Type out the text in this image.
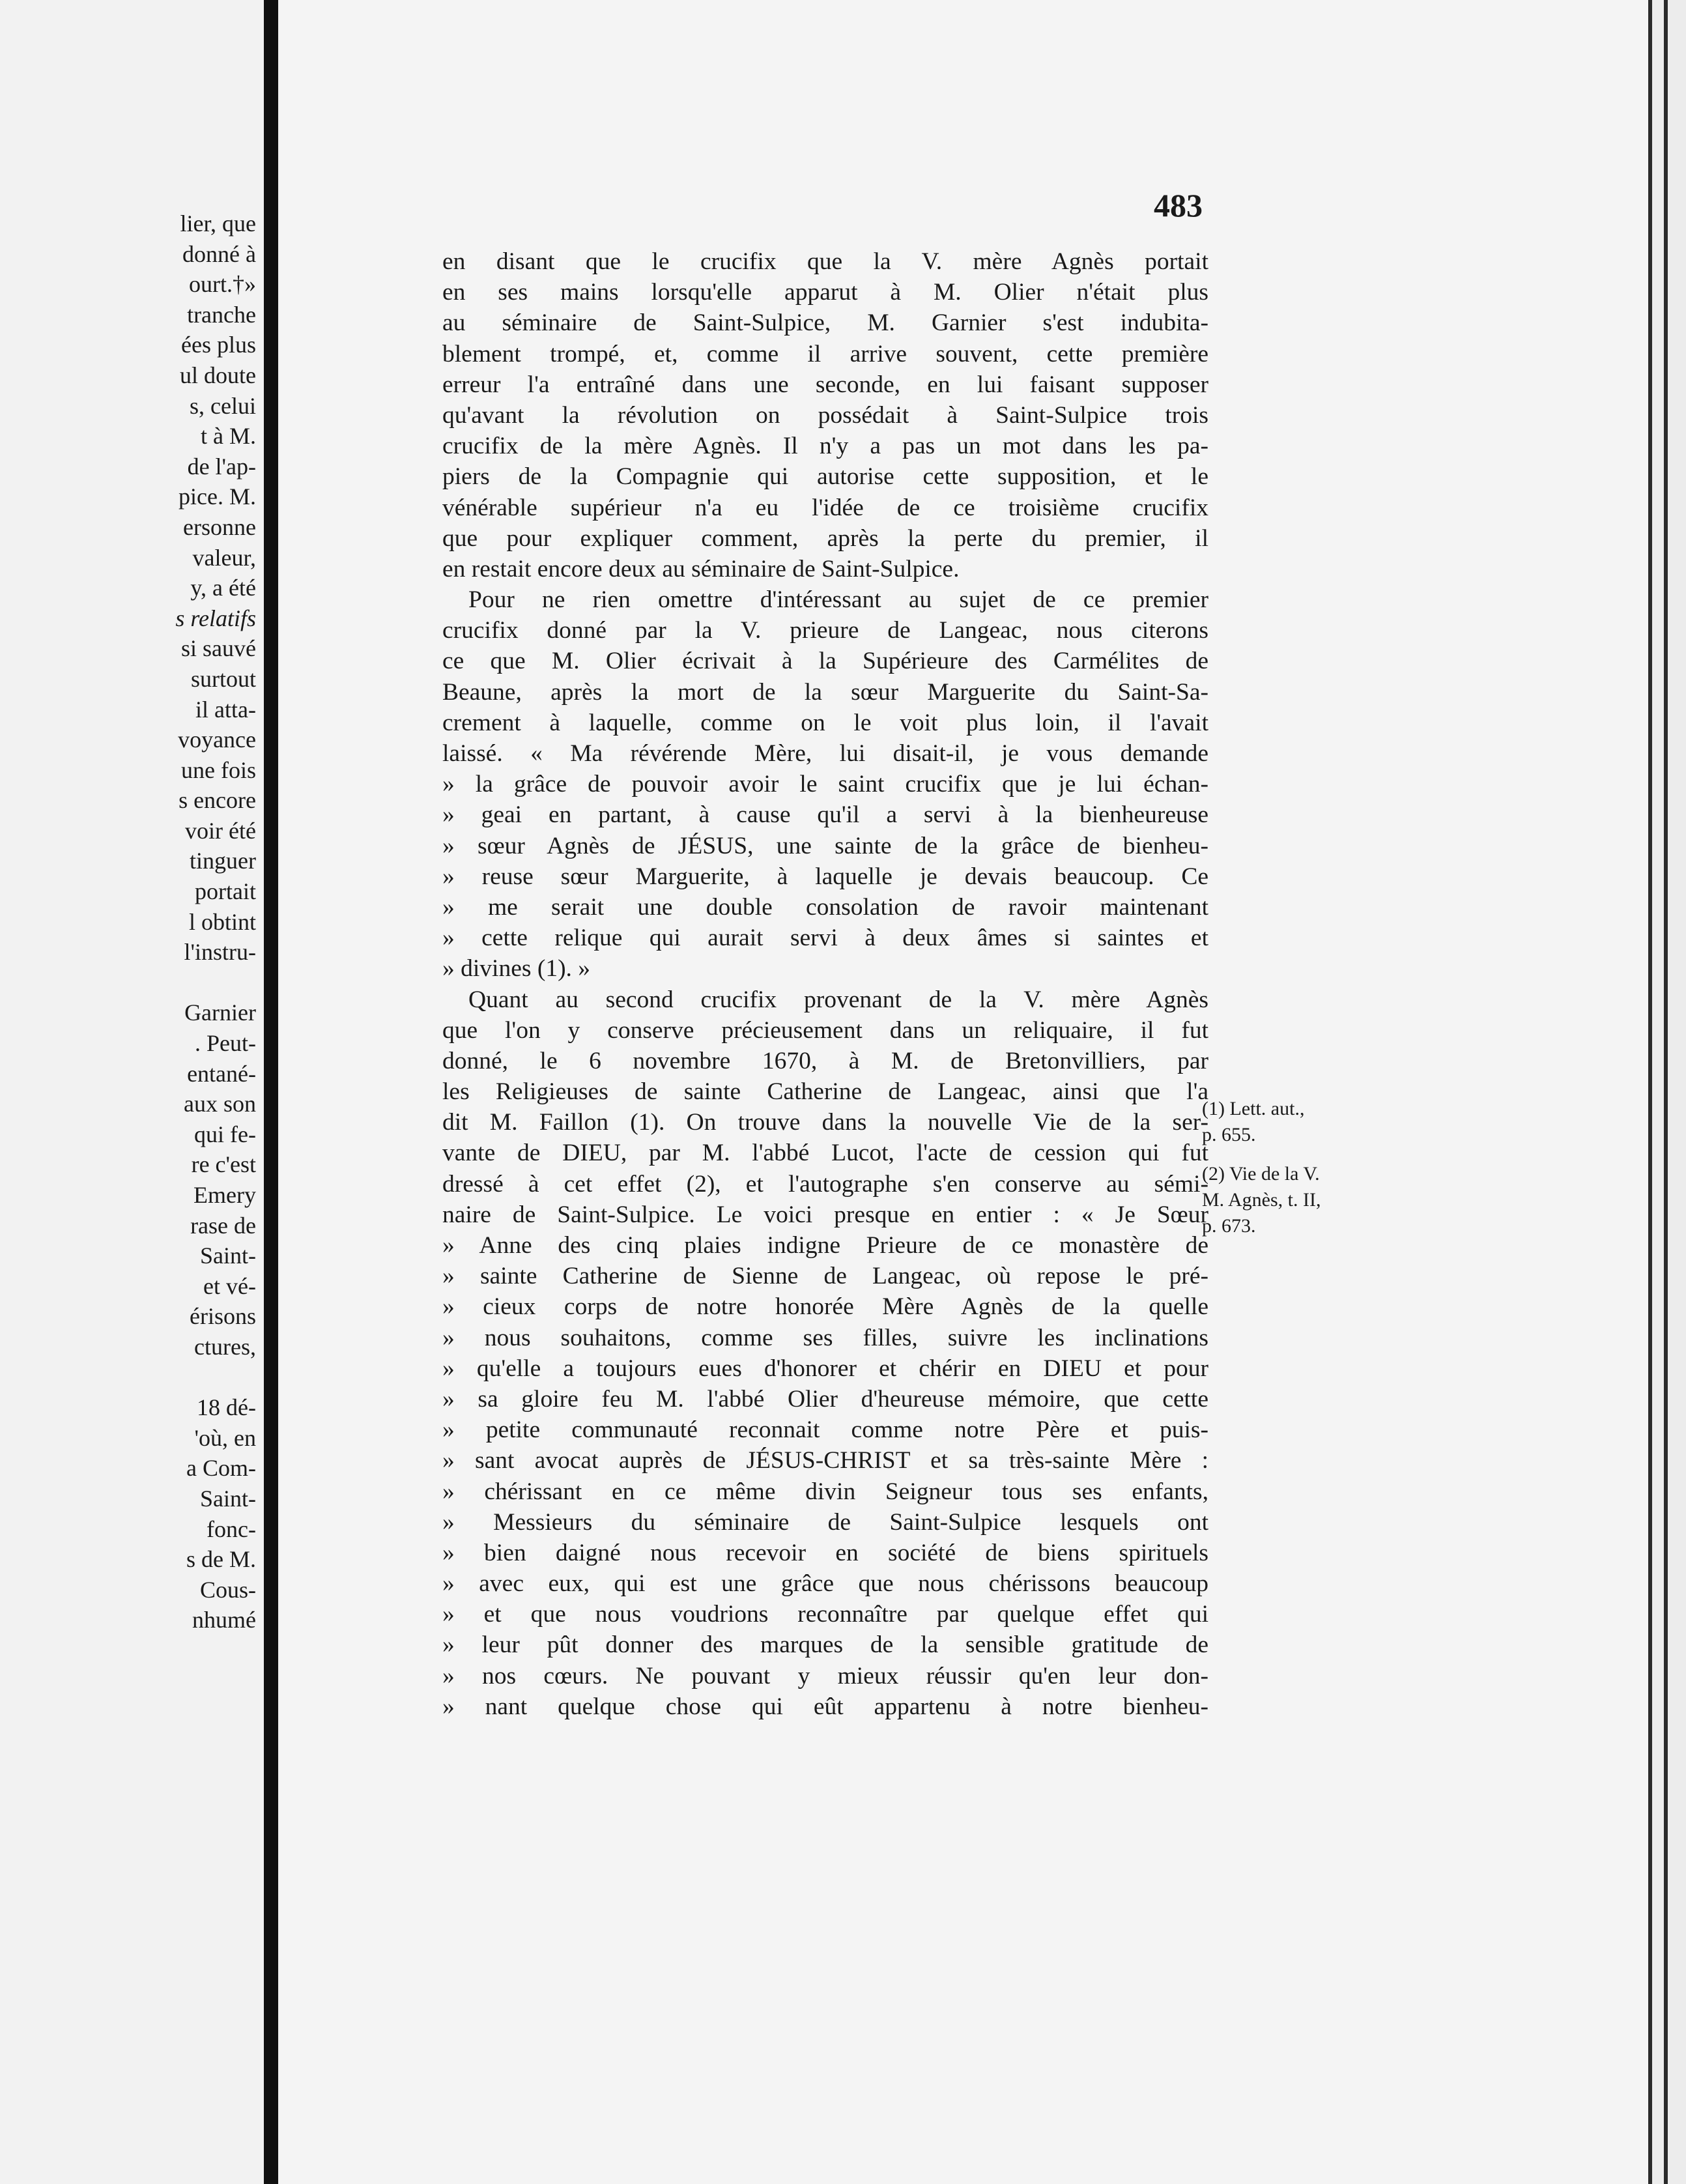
lier, que
donné à
ourt.†»
tranche
ées plus
ul doute
s, celui
t à M.
de l'ap-
pice. M.
ersonne
valeur,
y, a été
s relatifs
si sauvé
surtout
il atta-
voyance
une fois
s encore
voir été
tinguer
portait
l obtint
l'instru-
Garnier
. Peut-
entané-
aux son
qui fe-
re c'est
Emery
rase de
Saint-
et vé-
érisons
ctures,
18 dé-
'où, en
a Com-
Saint-
fonc-
s de M.
Cous-
nhumé
483
en disant que le crucifix que la V. mère Agnès portait
en ses mains lorsqu'elle apparut à M. Olier n'était plus
au séminaire de Saint-Sulpice, M. Garnier s'est indubita-
blement trompé, et, comme il arrive souvent, cette première
erreur l'a entraîné dans une seconde, en lui faisant supposer
qu'avant la révolution on possédait à Saint-Sulpice trois
crucifix de la mère Agnès. Il n'y a pas un mot dans les pa-
piers de la Compagnie qui autorise cette supposition, et le
vénérable supérieur n'a eu l'idée de ce troisième crucifix
que pour expliquer comment, après la perte du premier, il
en restait encore deux au séminaire de Saint-Sulpice.
Pour ne rien omettre d'intéressant au sujet de ce premier
crucifix donné par la V. prieure de Langeac, nous citerons
ce que M. Olier écrivait à la Supérieure des Carmélites de
Beaune, après la mort de la sœur Marguerite du Saint-Sa-
crement à laquelle, comme on le voit plus loin, il l'avait
laissé. « Ma révérende Mère, lui disait-il, je vous demande
» la grâce de pouvoir avoir le saint crucifix que je lui échan-
» geai en partant, à cause qu'il a servi à la bienheureuse
» sœur Agnès de JÉSUS, une sainte de la grâce de bienheu-
» reuse sœur Marguerite, à laquelle je devais beaucoup. Ce
» me serait une double consolation de ravoir maintenant
» cette relique qui aurait servi à deux âmes si saintes et
» divines (1). »
Quant au second crucifix provenant de la V. mère Agnès
que l'on y conserve précieusement dans un reliquaire, il fut
donné, le 6 novembre 1670, à M. de Bretonvilliers, par
les Religieuses de sainte Catherine de Langeac, ainsi que l'a
dit M. Faillon (1). On trouve dans la nouvelle Vie de la ser-
vante de DIEU, par M. l'abbé Lucot, l'acte de cession qui fut
dressé à cet effet (2), et l'autographe s'en conserve au sémi-
naire de Saint-Sulpice. Le voici presque en entier : « Je Sœur
» Anne des cinq plaies indigne Prieure de ce monastère de
» sainte Catherine de Sienne de Langeac, où repose le pré-
» cieux corps de notre honorée Mère Agnès de la quelle
» nous souhaitons, comme ses filles, suivre les inclinations
» qu'elle a toujours eues d'honorer et chérir en DIEU et pour
» sa gloire feu M. l'abbé Olier d'heureuse mémoire, que cette
» petite communauté reconnait comme notre Père et puis-
» sant avocat auprès de JÉSUS-CHRIST et sa très-sainte Mère :
» chérissant en ce même divin Seigneur tous ses enfants,
» Messieurs du séminaire de Saint-Sulpice lesquels ont
» bien daigné nous recevoir en société de biens spirituels
» avec eux, qui est une grâce que nous chérissons beaucoup
» et que nous voudrions reconnaître par quelque effet qui
» leur pût donner des marques de la sensible gratitude de
» nos cœurs. Ne pouvant y mieux réussir qu'en leur don-
» nant quelque chose qui eût appartenu à notre bienheu-
(1) Lett. aut.,
p. 655.
(2) Vie de la V.
M. Agnès, t. II,
p. 673.
